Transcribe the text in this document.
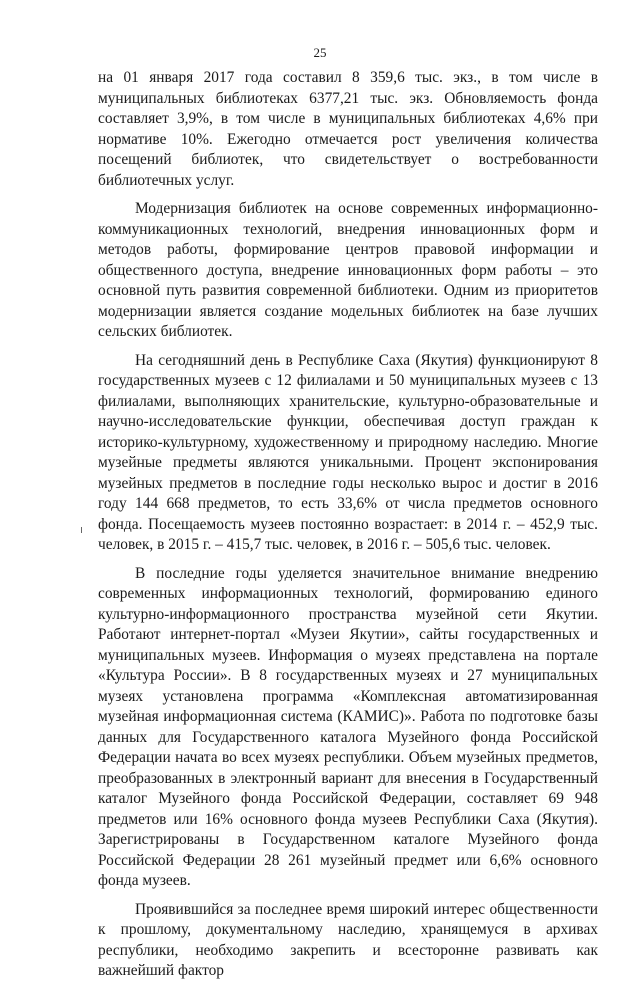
25

на 01 января 2017 года составил 8 359,6 тыс. экз., в том числе в муниципальных библиотеках 6377,21 тыс. экз. Обновляемость фонда составляет 3,9%, в том числе в муниципальных библиотеках 4,6% при нормативе 10%. Ежегодно отмечается рост увеличения количества посещений библиотек, что свидетельствует о востребованности библиотечных услуг.

Модернизация библиотек на основе современных информационно-коммуникационных технологий, внедрения инновационных форм и методов работы, формирование центров правовой информации и общественного доступа, внедрение инновационных форм работы – это основной путь развития современной библиотеки. Одним из приоритетов модернизации является создание модельных библиотек на базе лучших сельских библиотек.

На сегодняшний день в Республике Саха (Якутия) функционируют 8 государственных музеев с 12 филиалами и 50 муниципальных музеев с 13 филиалами, выполняющих хранительские, культурно-образовательные и научно-исследовательские функции, обеспечивая доступ граждан к историко-культурному, художественному и природному наследию. Многие музейные предметы являются уникальными. Процент экспонирования музейных предметов в последние годы несколько вырос и достиг в 2016 году 144 668 предметов, то есть 33,6% от числа предметов основного фонда. Посещаемость музеев постоянно возрастает: в 2014 г. – 452,9 тыс. человек, в 2015 г. – 415,7 тыс. человек, в 2016 г. – 505,6 тыс. человек.

В последние годы уделяется значительное внимание внедрению современных информационных технологий, формированию единого культурно-информационного пространства музейной сети Якутии. Работают интернет-портал «Музеи Якутии», сайты государственных и муниципальных музеев. Информация о музеях представлена на портале «Культура России». В 8 государственных музеях и 27 муниципальных музеях установлена программа «Комплексная автоматизированная музейная информационная система (КАМИС)». Работа по подготовке базы данных для Государственного каталога Музейного фонда Российской Федерации начата во всех музеях республики. Объем музейных предметов, преобразованных в электронный вариант для внесения в Государственный каталог Музейного фонда Российской Федерации, составляет 69 948 предметов или 16% основного фонда музеев Республики Саха (Якутия). Зарегистрированы в Государственном каталоге Музейного фонда Российской Федерации 28 261 музейный предмет или 6,6% основного фонда музеев.

Проявившийся за последнее время широкий интерес общественности к прошлому, документальному наследию, хранящемуся в архивах республики, необходимо закрепить и всесторонне развивать как важнейший фактор
